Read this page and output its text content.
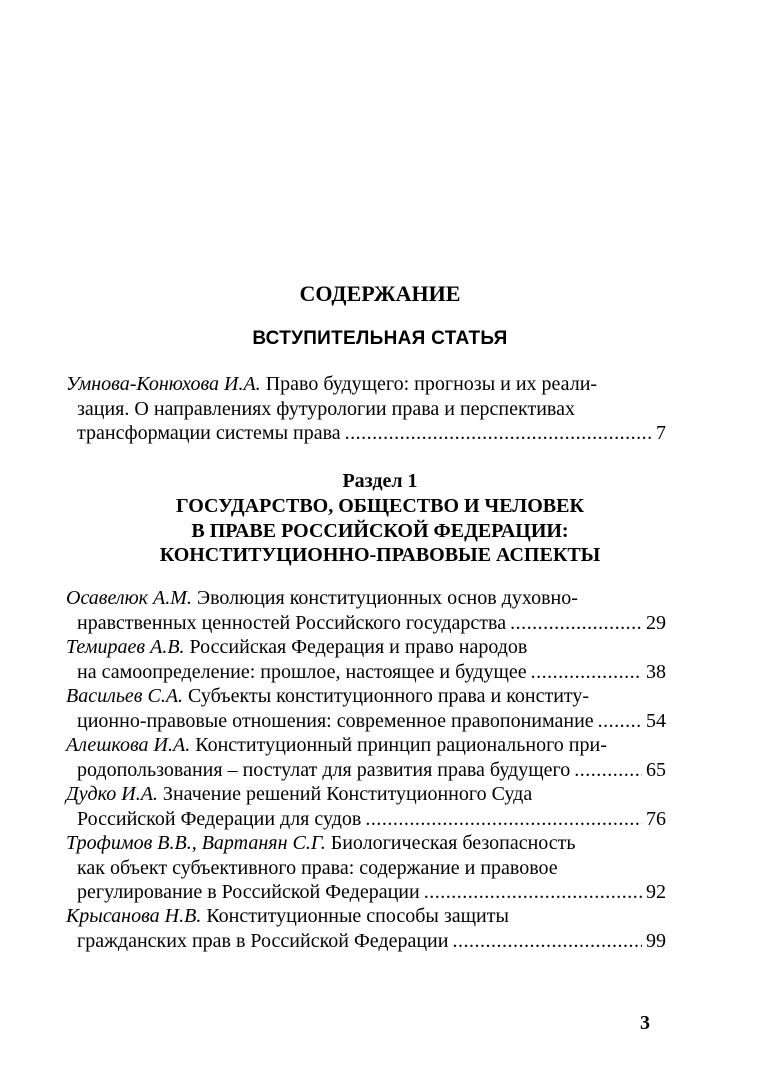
СОДЕРЖАНИЕ
ВСТУПИТЕЛЬНАЯ СТАТЬЯ
Умнова-Конюхова И.А. Право будущего: прогнозы и их реали-
зация. О направлениях футурологии права и перспективах
трансформации системы права .....	7
Раздел 1
ГОСУДАРСТВО, ОБЩЕСТВО И ЧЕЛОВЕК
В ПРАВЕ РОССИЙСКОЙ ФЕДЕРАЦИИ:
КОНСТИТУЦИОННО-ПРАВОВЫЕ АСПЕКТЫ
Осавелюк А.М. Эволюция конституционных основ духовно-
нравственных ценностей Российского государства .....	29
Темираев А.В. Российская Федерация и право народов
на самоопределение: прошлое, настоящее и будущее .....	38
Васильев С.А. Субъекты конституционного права и конститу-
ционно-правовые отношения: современное правопонимание .....	54
Алешкова И.А. Конституционный принцип рационального при-
родопользования – постулат для развития права будущего .....	65
Дудко И.А. Значение решений Конституционного Суда
Российской Федерации для судов .....	76
Трофимов В.В., Вартанян С.Г. Биологическая безопасность
как объект субъективного права: содержание и правовое
регулирование в Российской Федерации .....	92
Крысанова Н.В. Конституционные способы защиты
гражданских прав в Российской Федерации .....	99
3
